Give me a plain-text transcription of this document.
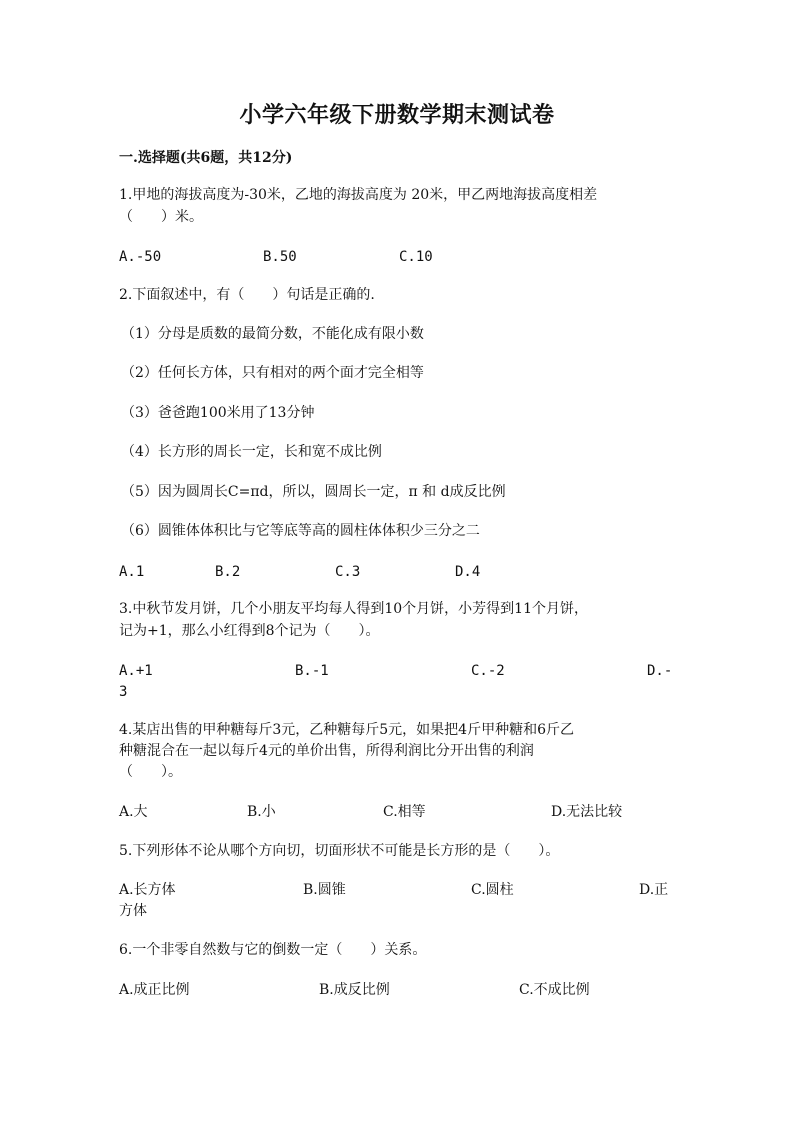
小学六年级下册数学期末测试卷
一.选择题(共6题，共12分)
1.甲地的海拔高度为-30米，乙地的海拔高度为 20米，甲乙两地海拔高度相差
（　　）米。
A.-50	B.50	C.10
2.下面叙述中，有（　　）句话是正确的.
（1）分母是质数的最简分数，不能化成有限小数
（2）任何长方体，只有相对的两个面才完全相等
（3）爸爸跑100米用了13分钟
（4）长方形的周长一定，长和宽不成比例
（5）因为圆周长C=πd，所以，圆周长一定，π 和 d成反比例
（6）圆锥体体积比与它等底等高的圆柱体体积少三分之二
A.1	B.2	C.3	D.4
3.中秋节发月饼，几个小朋友平均每人得到10个月饼，小芳得到11个月饼，
记为+1，那么小红得到8个记为（　　）。
A.+1	B.-1	C.-2	D.-
3
4.某店出售的甲种糖每斤3元，乙种糖每斤5元，如果把4斤甲种糖和6斤乙
种糖混合在一起以每斤4元的单价出售，所得利润比分开出售的利润
（　　）。
A.大	B.小	C.相等	D.无法比较
5.下列形体不论从哪个方向切，切面形状不可能是长方形的是（　　）。
A.长方体	B.圆锥	C.圆柱	D.正
方体
6.一个非零自然数与它的倒数一定（　　）关系。
A.成正比例	B.成反比例	C.不成比例
